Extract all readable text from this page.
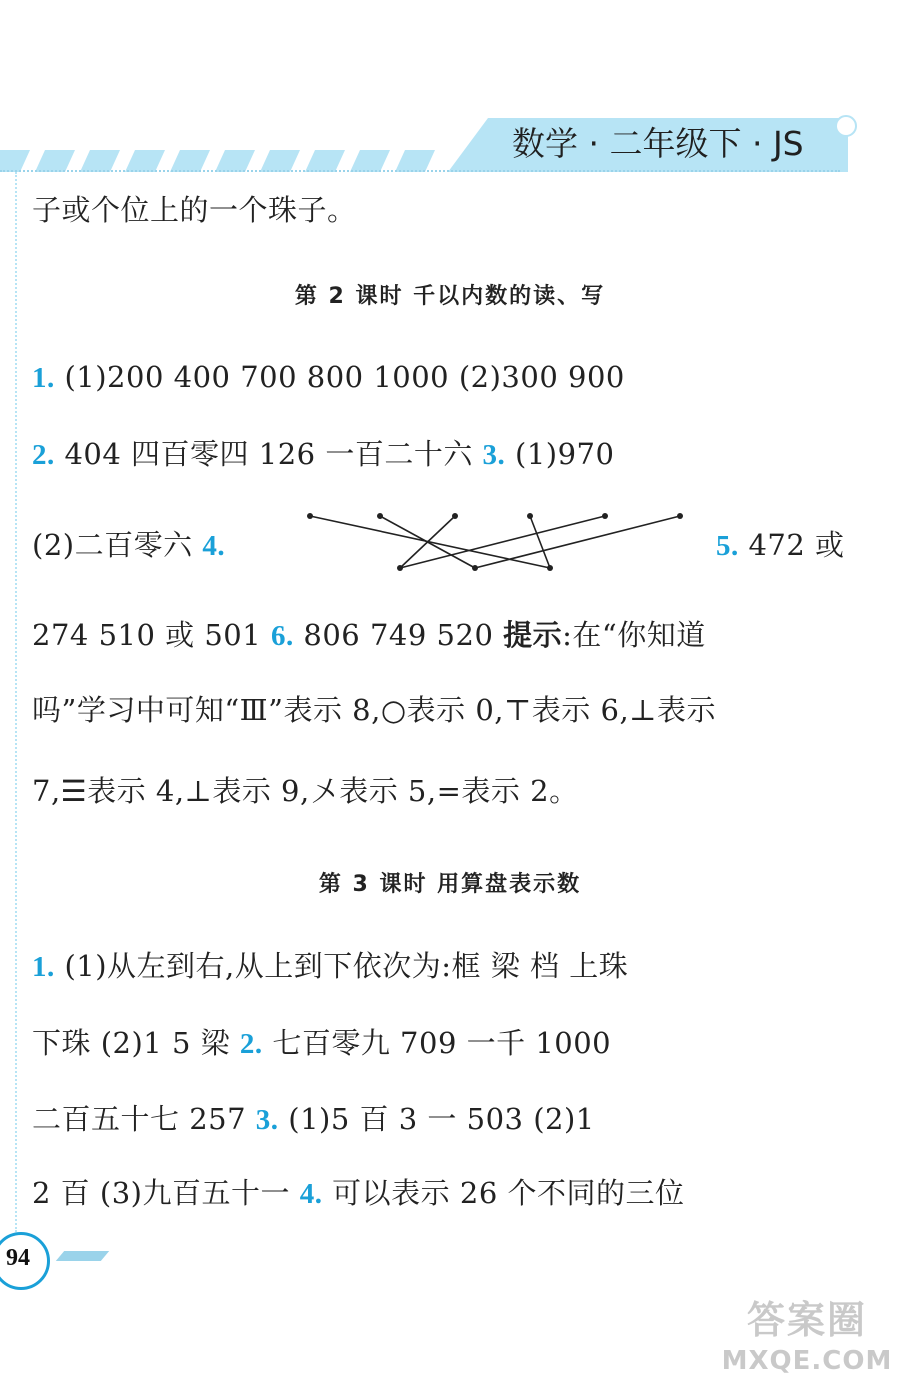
数学 · 二年级下 · JS
子或个位上的一个珠子。
第 2 课时 千以内数的读、写
1. (1)200 400 700 800 1000 (2)300 900
2. 404 四百零四 126 一百二十六 3. (1)970
(2)二百零六 4.	5. 472 或
274 510 或 501 6. 806 749 520 提示:在“你知道
吗”学习中可知“Ⅲ”表示 8,○表示 0,⊤表示 6,⊥表示
7,☰表示 4,⊥表示 9,〤表示 5,=表示 2。
第 3 课时 用算盘表示数
1. (1)从左到右,从上到下依次为:框 梁 档 上珠
下珠 (2)1 5 梁 2. 七百零九 709 一千 1000
二百五十七 257 3. (1)5 百 3 一 503 (2)1
2 百 (3)九百五十一 4. 可以表示 26 个不同的三位
94
答案圈
MXQE.COM
